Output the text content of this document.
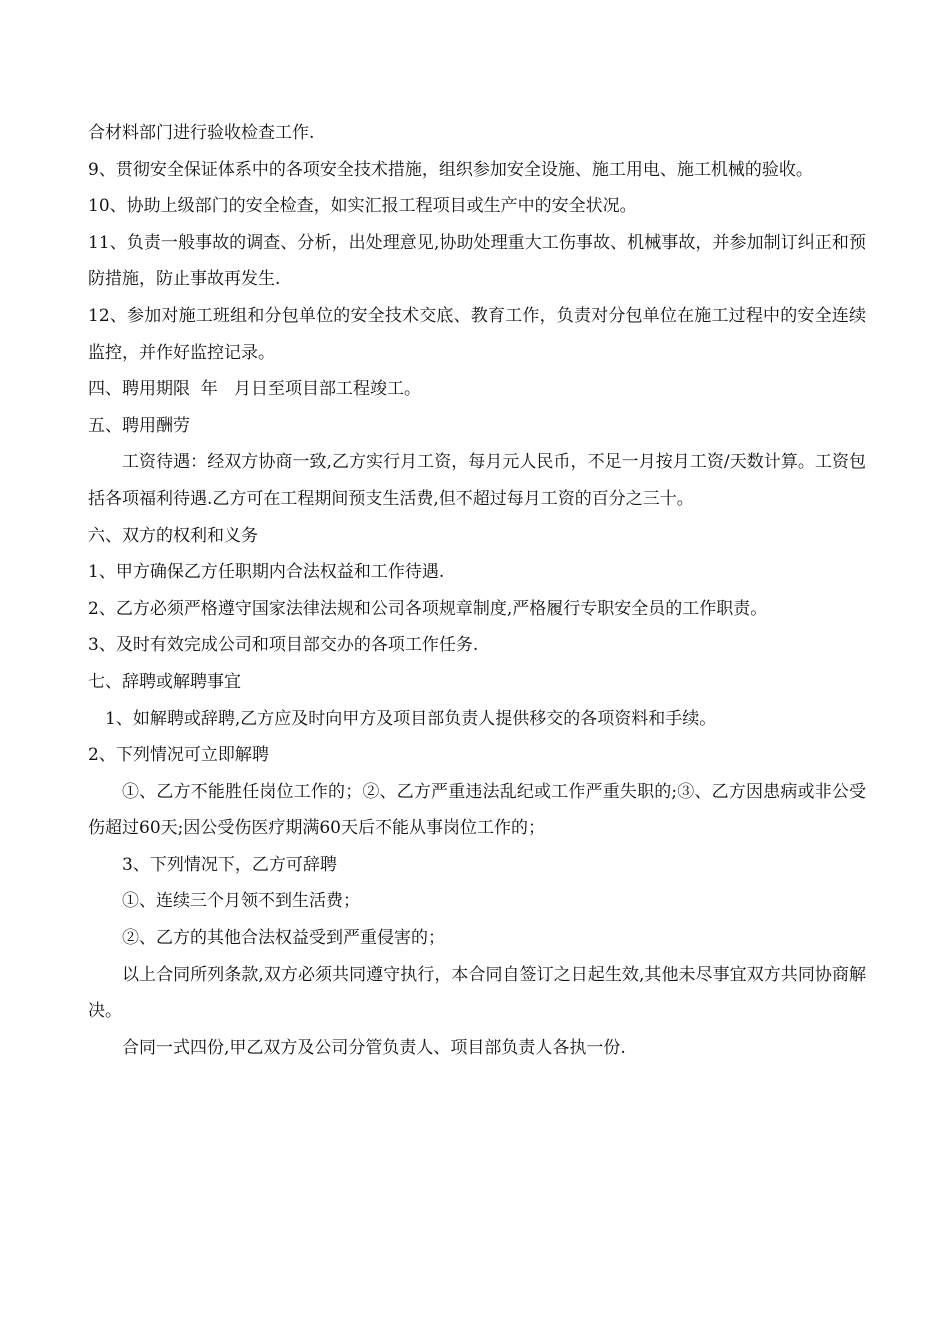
合材料部门进行验收检查工作.

9、贯彻安全保证体系中的各项安全技术措施，组织参加安全设施、施工用电、施工机械的验收。

10、协助上级部门的安全检查，如实汇报工程项目或生产中的安全状况。

11、负责一般事故的调查、分析，出处理意见,协助处理重大工伤事故、机械事故，并参加制订纠正和预防措施，防止事故再发生.

12、参加对施工班组和分包单位的安全技术交底、教育工作，负责对分包单位在施工过程中的安全连续监控，并作好监控记录。

四、聘用期限  年   月日至项目部工程竣工。

五、聘用酬劳

工资待遇：经双方协商一致,乙方实行月工资，每月元人民币，不足一月按月工资/天数计算。工资包括各项福利待遇.乙方可在工程期间预支生活费,但不超过每月工资的百分之三十。

六、双方的权利和义务

1、甲方确保乙方任职期内合法权益和工作待遇.

2、乙方必须严格遵守国家法律法规和公司各项规章制度,严格履行专职安全员的工作职责。

3、及时有效完成公司和项目部交办的各项工作任务.

七、辞聘或解聘事宜

1、如解聘或辞聘,乙方应及时向甲方及项目部负责人提供移交的各项资料和手续。

2、下列情况可立即解聘

①、乙方不能胜任岗位工作的；②、乙方严重违法乱纪或工作严重失职的;③、乙方因患病或非公受伤超过60天;因公受伤医疗期满60天后不能从事岗位工作的；

3、下列情况下，乙方可辞聘

①、连续三个月领不到生活费；

②、乙方的其他合法权益受到严重侵害的；

以上合同所列条款,双方必须共同遵守执行，本合同自签订之日起生效,其他未尽事宜双方共同协商解决。

合同一式四份,甲乙双方及公司分管负责人、项目部负责人各执一份.
